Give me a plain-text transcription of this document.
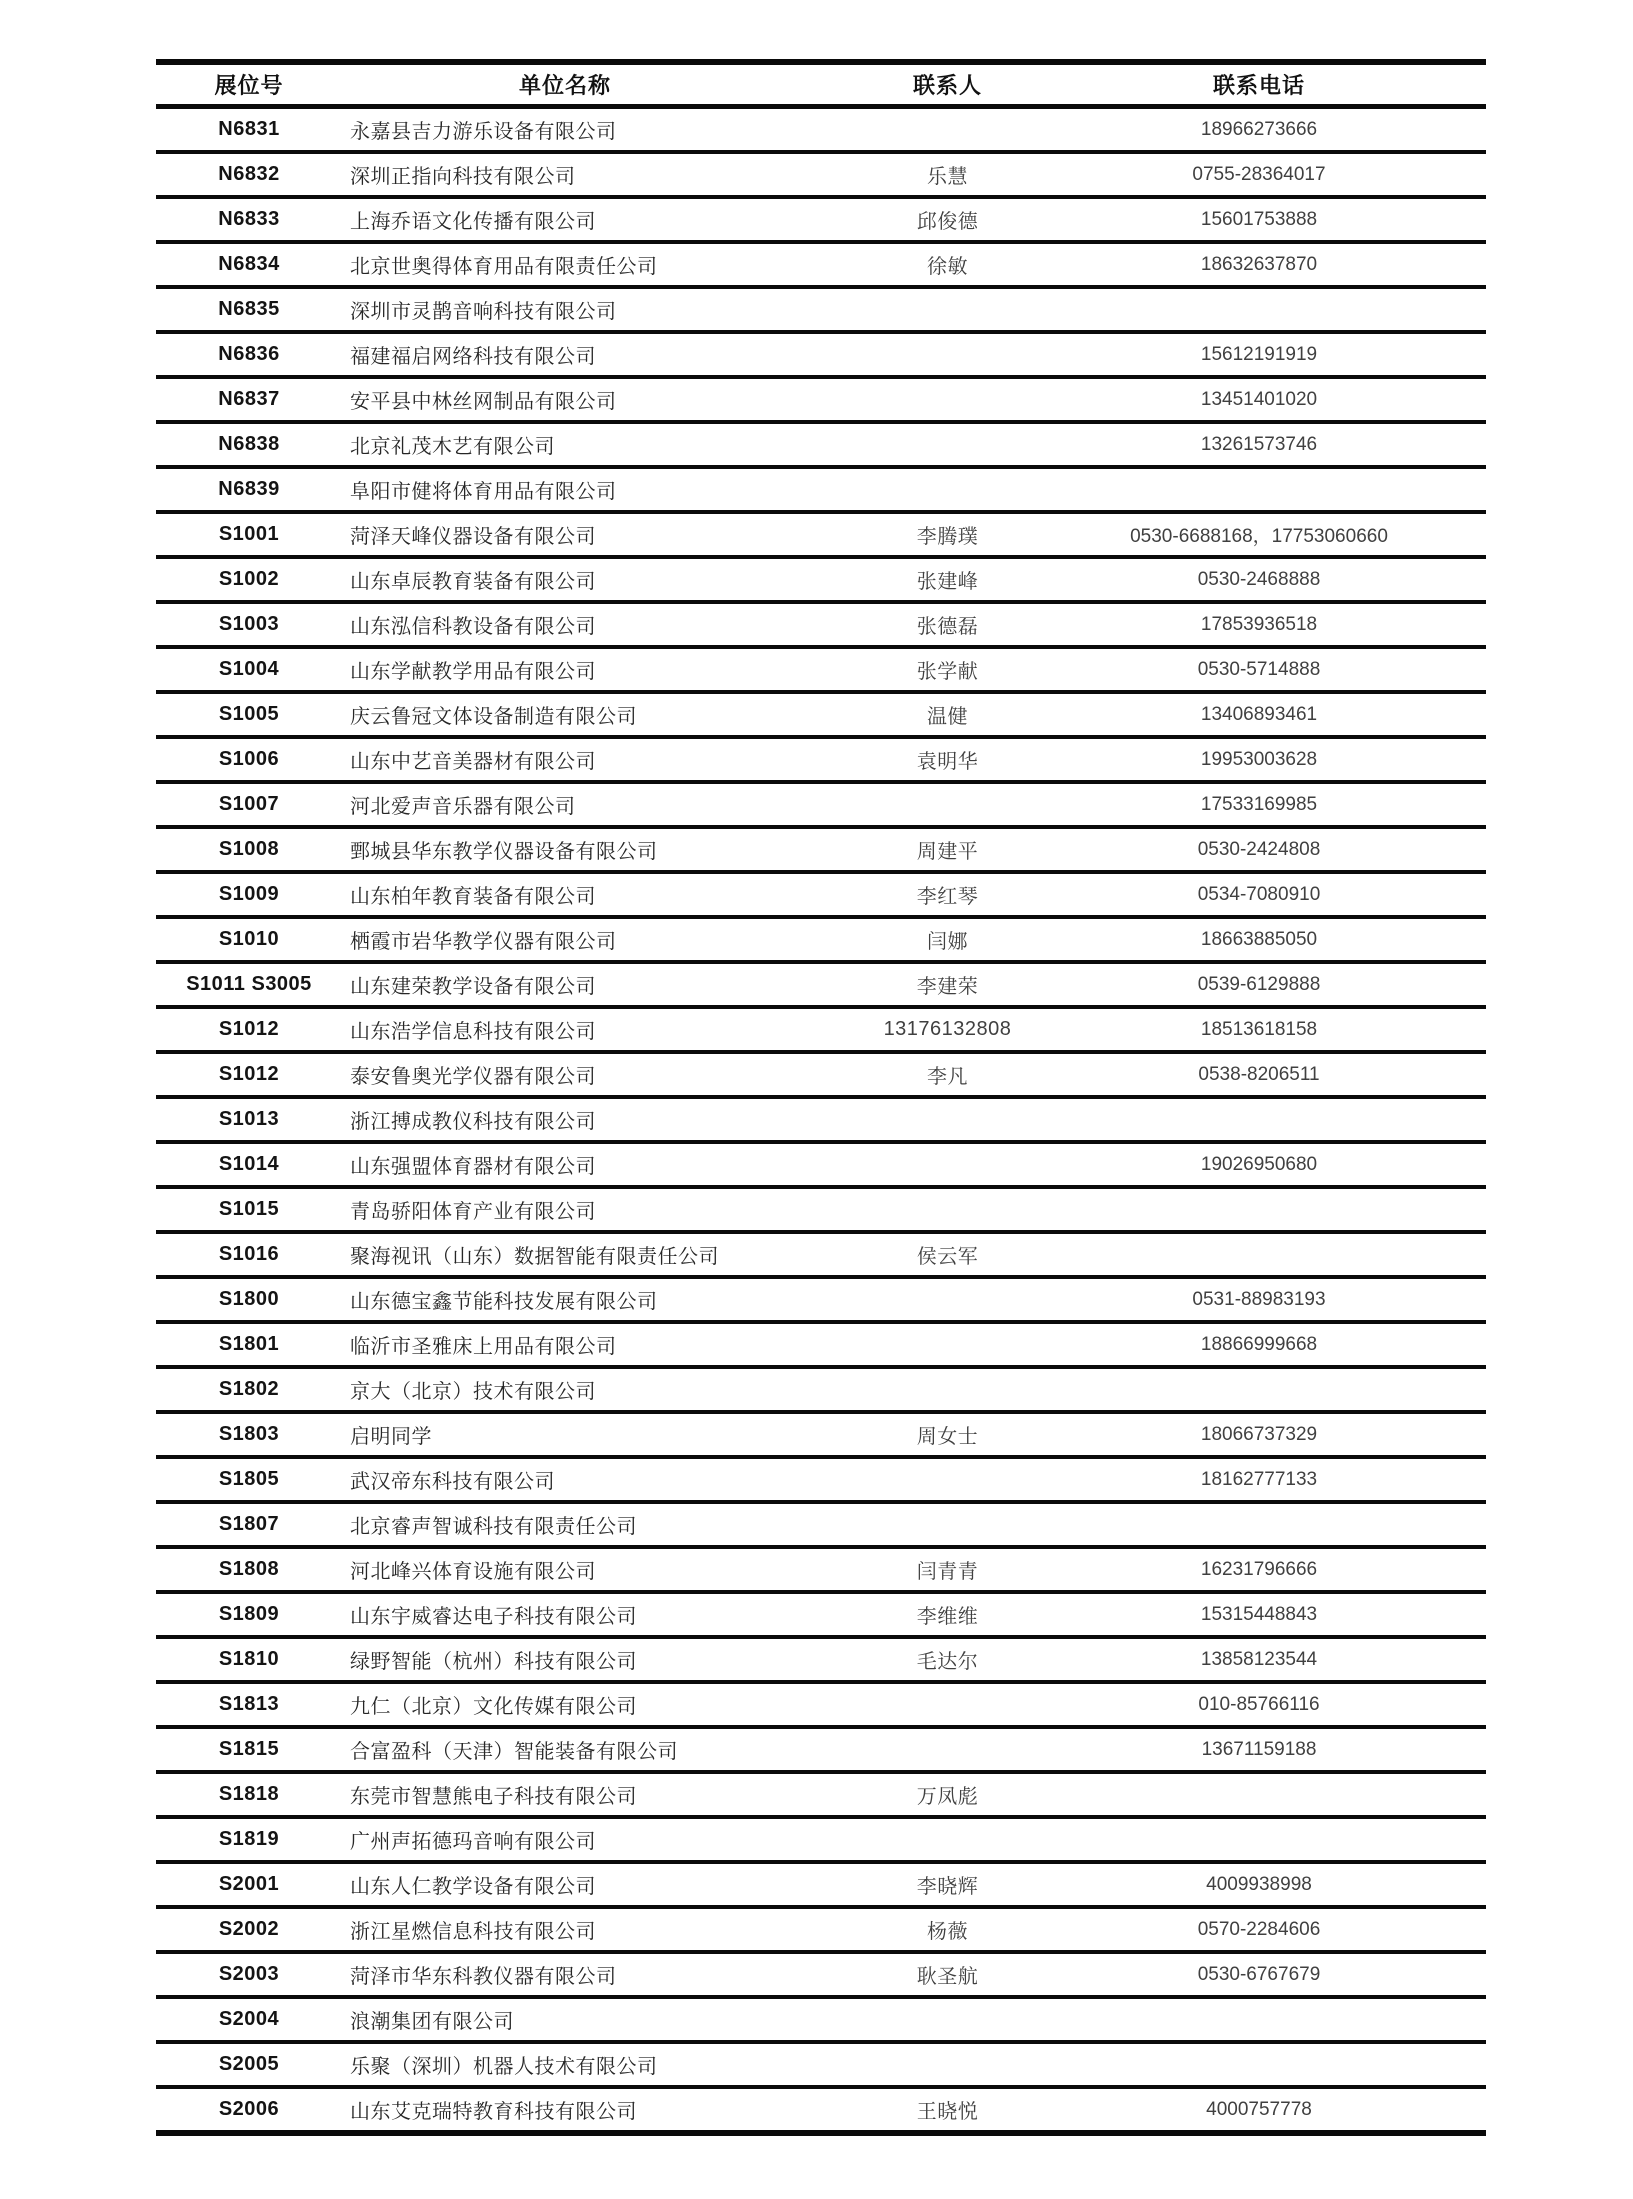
展位号	单位名称	联系人	联系电话
N6831	永嘉县吉力游乐设备有限公司		18966273666
N6832	深圳正指向科技有限公司	乐慧	0755-28364017
N6833	上海乔语文化传播有限公司	邱俊德	15601753888
N6834	北京世奥得体育用品有限责任公司	徐敏	18632637870
N6835	深圳市灵鹊音响科技有限公司		
N6836	福建福启网络科技有限公司		15612191919
N6837	安平县中林丝网制品有限公司		13451401020
N6838	北京礼茂木艺有限公司		13261573746
N6839	阜阳市健将体育用品有限公司		
S1001	菏泽天峰仪器设备有限公司	李腾璞	0530-6688168，17753060660
S1002	山东卓辰教育装备有限公司	张建峰	0530-2468888
S1003	山东泓信科教设备有限公司	张德磊	17853936518
S1004	山东学献教学用品有限公司	张学献	0530-5714888
S1005	庆云鲁冠文体设备制造有限公司	温健	13406893461
S1006	山东中艺音美器材有限公司	袁明华	19953003628
S1007	河北爱声音乐器有限公司		17533169985
S1008	鄄城县华东教学仪器设备有限公司	周建平	0530-2424808
S1009	山东柏年教育装备有限公司	李红琴	0534-7080910
S1010	栖霞市岩华教学仪器有限公司	闫娜	18663885050
S1011 S3005	山东建荣教学设备有限公司	李建荣	0539-6129888
S1012	山东浩学信息科技有限公司	13176132808	18513618158
S1012	泰安鲁奥光学仪器有限公司	李凡	0538-8206511
S1013	浙江搏成教仪科技有限公司		
S1014	山东强盟体育器材有限公司		19026950680
S1015	青岛骄阳体育产业有限公司		
S1016	聚海视讯（山东）数据智能有限责任公司	侯云军	
S1800	山东德宝鑫节能科技发展有限公司		0531-88983193
S1801	临沂市圣雅床上用品有限公司		18866999668
S1802	京大（北京）技术有限公司		
S1803	启明同学	周女士	18066737329
S1805	武汉帝东科技有限公司		18162777133
S1807	北京睿声智诚科技有限责任公司		
S1808	河北峰兴体育设施有限公司	闫青青	16231796666
S1809	山东宇威睿达电子科技有限公司	李维维	15315448843
S1810	绿野智能（杭州）科技有限公司	毛达尔	13858123544
S1813	九仁（北京）文化传媒有限公司		010-85766116
S1815	合富盈科（天津）智能装备有限公司		13671159188
S1818	东莞市智慧熊电子科技有限公司	万凤彪	
S1819	广州声拓德玛音响有限公司		
S2001	山东人仁教学设备有限公司	李晓辉	4009938998
S2002	浙江星燃信息科技有限公司	杨薇	0570-2284606
S2003	菏泽市华东科教仪器有限公司	耿圣航	0530-6767679
S2004	浪潮集团有限公司		
S2005	乐聚（深圳）机器人技术有限公司		
S2006	山东艾克瑞特教育科技有限公司	王晓悦	4000757778
